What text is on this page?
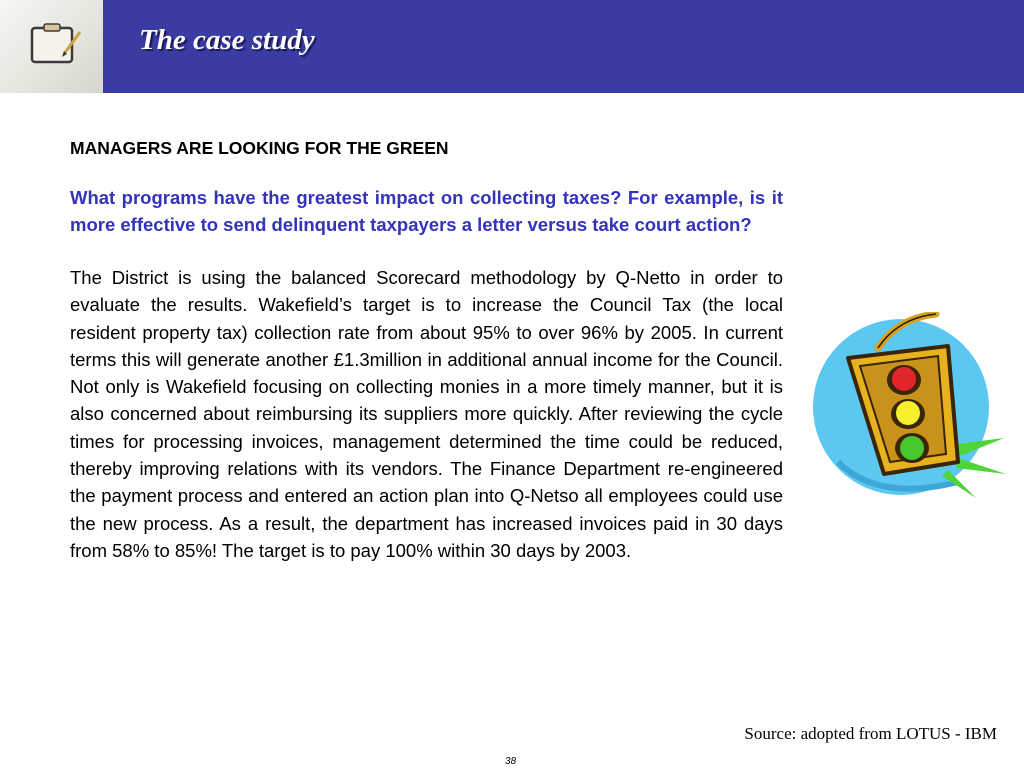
The case study

MANAGERS ARE LOOKING FOR THE GREEN

What programs have the greatest impact on collecting taxes? For example, is it more effective to send delinquent taxpayers a letter versus take court action?

The District is using the balanced Scorecard methodology by Q-Netto in order to evaluate the results. Wakefield’s target is to increase the Council Tax (the local resident property tax) collection rate from about 95% to over 96% by 2005. In current terms this will generate another £1.3million in additional annual income for the Council. Not only is Wakefield focusing on collecting monies in a more timely manner, but it is also concerned about reimbursing its suppliers more quickly. After reviewing the cycle times for processing invoices, management determined the time could be reduced, thereby improving relations with its vendors. The Finance Department re-engineered the payment process and entered an action plan into Q-Netso all employees could use the new process. As a result, the department has increased invoices paid in 30 days from 58% to 85%! The target is to pay 100% within 30 days by 2003.

Source: adopted from LOTUS - IBM
38
